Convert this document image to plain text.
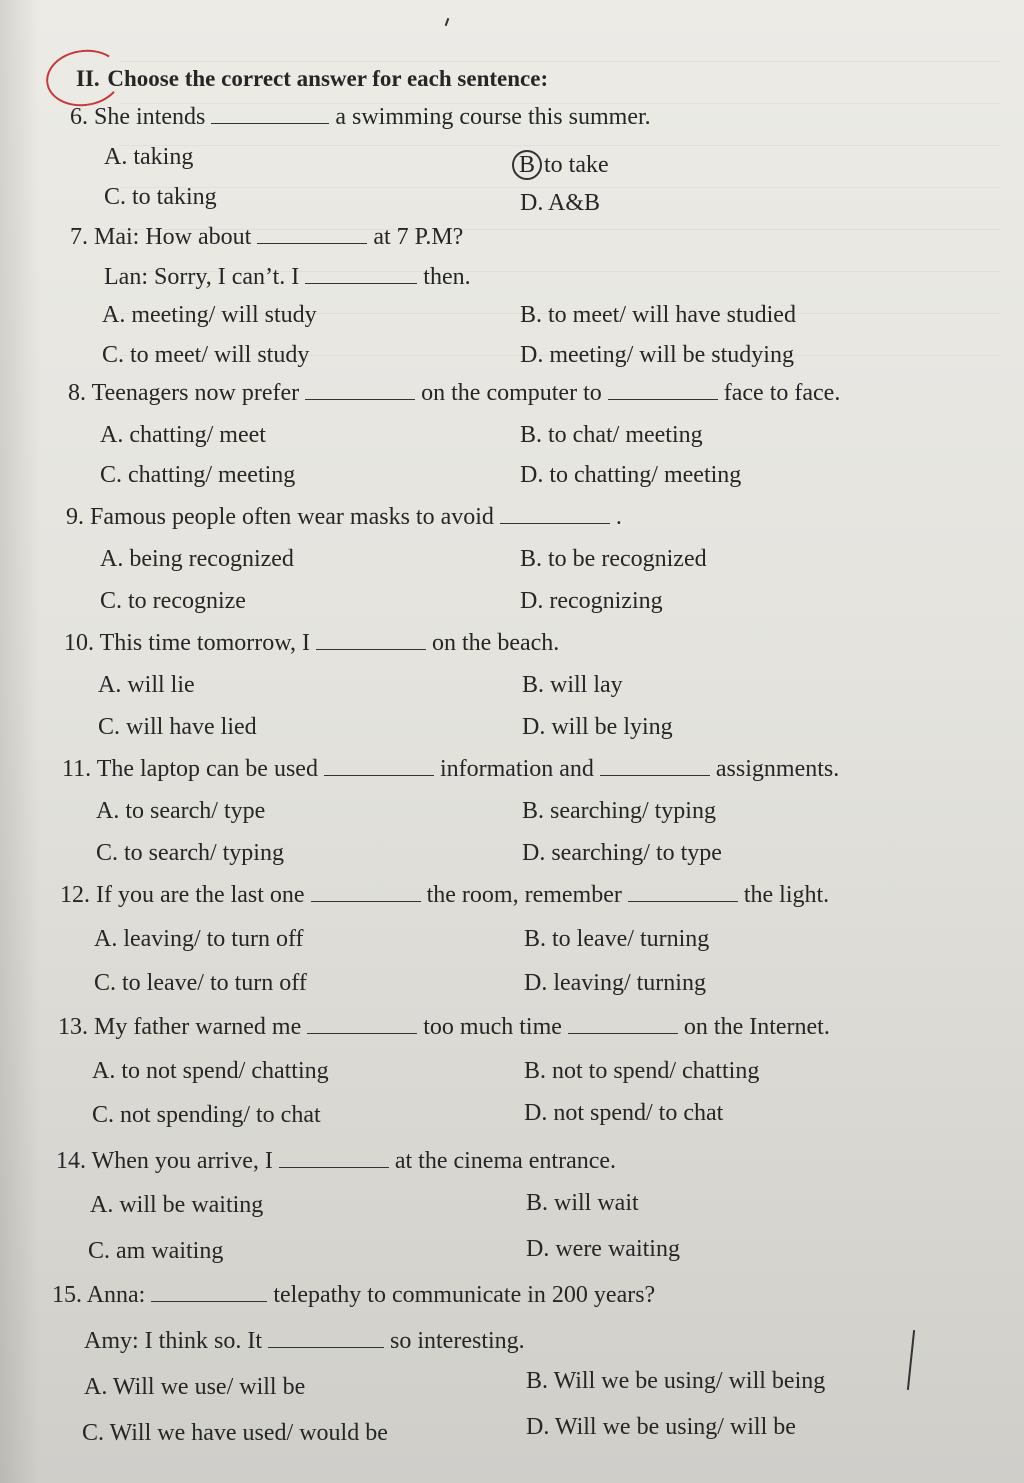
II. Choose the correct answer for each sentence:
6. She intends	a swimming course this summer.
A. taking	B to take
C. to taking	D. A&B
7. Mai: How about	at 7 P.M?
Lan: Sorry, I can’t. I	then.
A. meeting/ will study	B. to meet/ will have studied
C. to meet/ will study	D. meeting/ will be studying
8. Teenagers now prefer	on the computer to	face to face.
A. chatting/ meet	B. to chat/ meeting
C. chatting/ meeting	D. to chatting/ meeting
9. Famous people often wear masks to avoid	.
A. being recognized	B. to be recognized
C. to recognize	D. recognizing
10. This time tomorrow, I	on the beach.
A. will lie	B. will lay
C. will have lied	D. will be lying
11. The laptop can be used	information and	assignments.
A. to search/ type	B. searching/ typing
C. to search/ typing	D. searching/ to type
12. If you are the last one	the room, remember	the light.
A. leaving/ to turn off	B. to leave/ turning
C. to leave/ to turn off	D. leaving/ turning
13. My father warned me	too much time	on the Internet.
A. to not spend/ chatting	B. not to spend/ chatting
C. not spending/ to chat	D. not spend/ to chat
14. When you arrive, I	at the cinema entrance.
A. will be waiting	B. will wait
C. am waiting	D. were waiting
15. Anna:	telepathy to communicate in 200 years?
Amy: I think so. It	so interesting.
A. Will we use/ will be	B. Will we be using/ will being
C. Will we have used/ would be	D. Will we be using/ will be
